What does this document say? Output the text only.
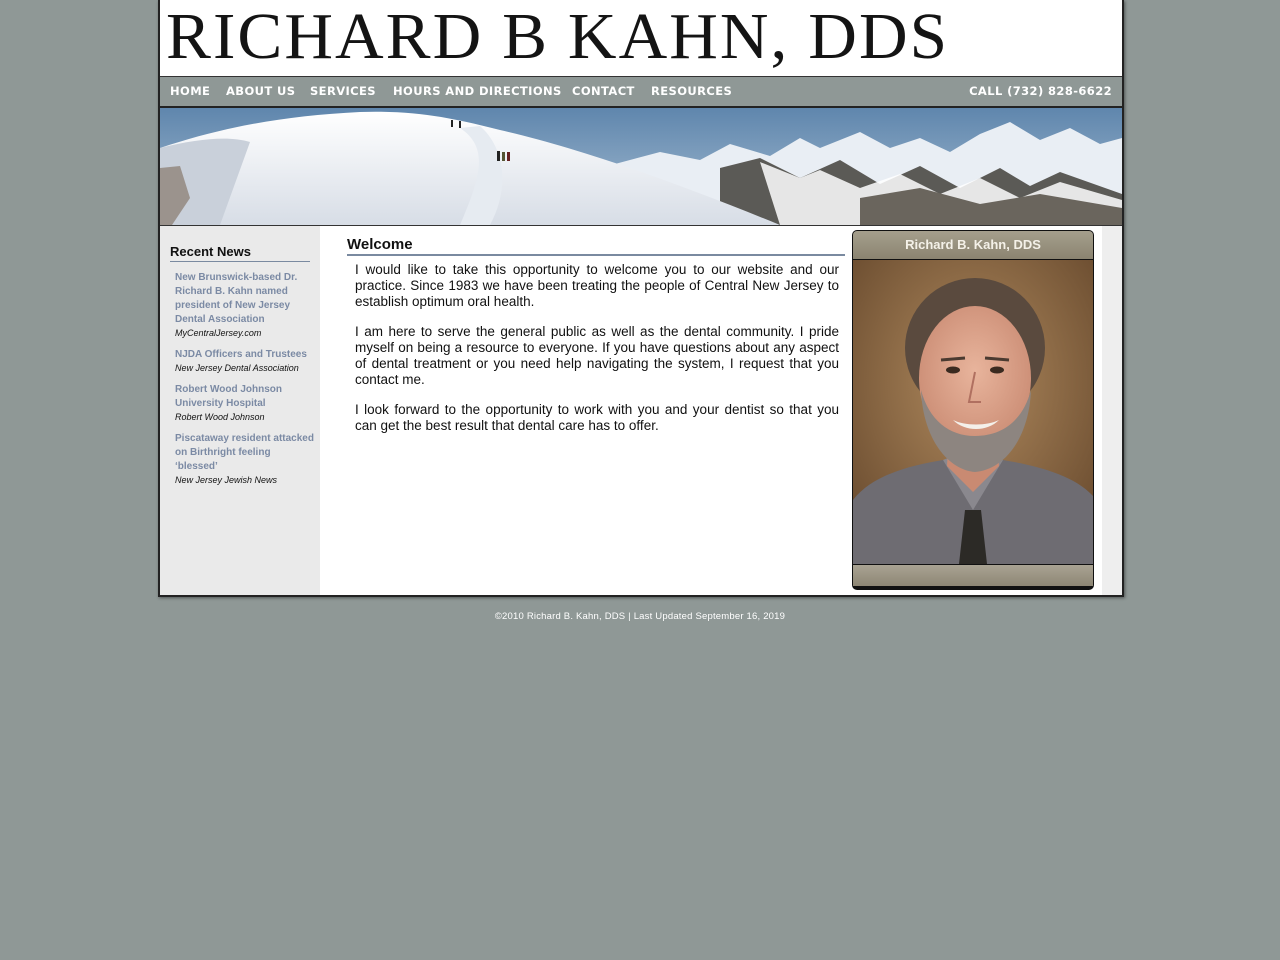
RICHARD B KAHN, DDS
HOME ABOUT US SERVICES HOURS AND DIRECTIONS CONTACT RESOURCES	CALL (732) 828-6622
Recent News
New Brunswick-based Dr. Richard B. Kahn named president of New Jersey Dental Association
MyCentralJersey.com
NJDA Officers and Trustees
New Jersey Dental Association
Robert Wood Johnson University Hospital
Robert Wood Johnson
Piscataway resident attacked on Birthright feeling ‘blessed’
New Jersey Jewish News
Welcome

I would like to take this opportunity to welcome you to our website and our practice. Since 1983 we have been treating the people of Central New Jersey to establish optimum oral health.

I am here to serve the general public as well as the dental community. I pride myself on being a resource to everyone. If you have questions about any aspect of dental treatment or you need help navigating the system, I request that you contact me.

I look forward to the opportunity to work with you and your dentist so that you can get the best result that dental care has to offer.

Richard B. Kahn, DDS
©2010 Richard B. Kahn, DDS | Last Updated September 16, 2019
